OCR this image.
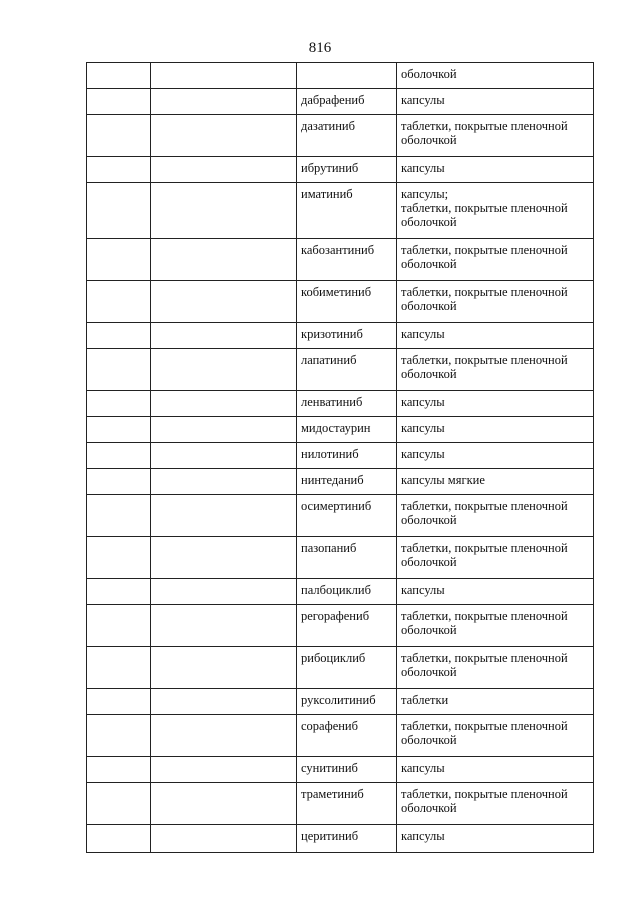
816

			оболочкой

		дабрафениб	капсулы

		дазатиниб	таблетки, покрытые пленочной
оболочкой

		ибрутиниб	капсулы

		иматиниб	капсулы;
таблетки, покрытые пленочной
оболочкой

		кабозантиниб	таблетки, покрытые пленочной
оболочкой

		кобиметиниб	таблетки, покрытые пленочной
оболочкой

		кризотиниб	капсулы

		лапатиниб	таблетки, покрытые пленочной
оболочкой

		ленватиниб	капсулы

		мидостаурин	капсулы

		нилотиниб	капсулы

		нинтеданиб	капсулы мягкие

		осимертиниб	таблетки, покрытые пленочной
оболочкой

		пазопаниб	таблетки, покрытые пленочной
оболочкой

		палбоциклиб	капсулы

		регорафениб	таблетки, покрытые пленочной
оболочкой

		рибоциклиб	таблетки, покрытые пленочной
оболочкой

		руксолитиниб	таблетки

		сорафениб	таблетки, покрытые пленочной
оболочкой

		сунитиниб	капсулы

		траметиниб	таблетки, покрытые пленочной
оболочкой

		церитиниб	капсулы
